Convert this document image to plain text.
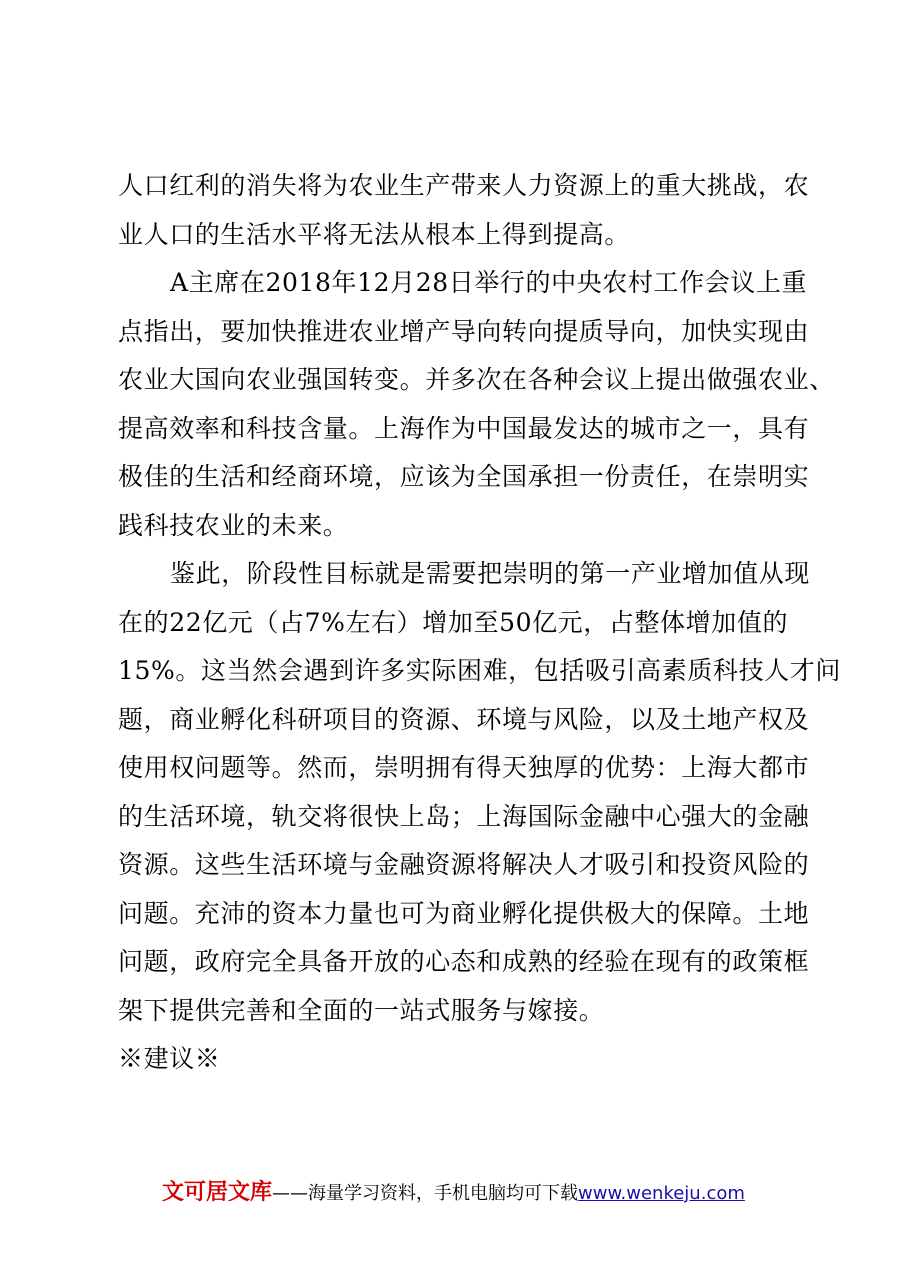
人口红利的消失将为农业生产带来人力资源上的重大挑战，农
业人口的生活水平将无法从根本上得到提高。
A主席在2018年12月28日举行的中央农村工作会议上重
点指出，要加快推进农业增产导向转向提质导向，加快实现由
农业大国向农业强国转变。并多次在各种会议上提出做强农业、
提高效率和科技含量。上海作为中国最发达的城市之一，具有
极佳的生活和经商环境，应该为全国承担一份责任，在崇明实
践科技农业的未来。
鉴此，阶段性目标就是需要把崇明的第一产业增加值从现
在的22亿元（占7%左右）增加至50亿元，占整体增加值的
15%。这当然会遇到许多实际困难，包括吸引高素质科技人才问
题，商业孵化科研项目的资源、环境与风险，以及土地产权及
使用权问题等。然而，崇明拥有得天独厚的优势：上海大都市
的生活环境，轨交将很快上岛；上海国际金融中心强大的金融
资源。这些生活环境与金融资源将解决人才吸引和投资风险的
问题。充沛的资本力量也可为商业孵化提供极大的保障。土地
问题，政府完全具备开放的心态和成熟的经验在现有的政策框
架下提供完善和全面的一站式服务与嫁接。
※建议※
文可居文库——海量学习资料，手机电脑均可下载www.wenkeju.com
